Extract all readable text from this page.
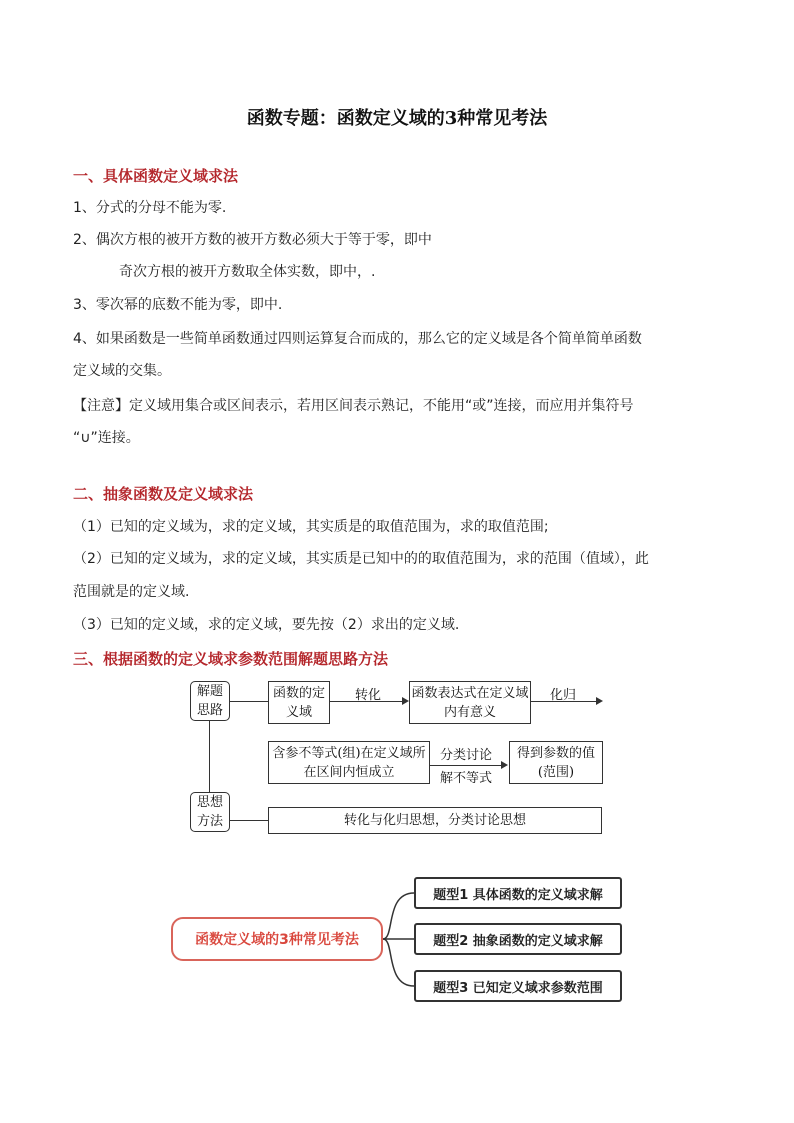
函数专题：函数定义域的3种常见考法
一、具体函数定义域求法
1、分式的分母不能为零.
2、偶次方根的被开方数的被开方数必须大于等于零，即中
奇次方根的被开方数取全体实数，即中，.
3、零次幂的底数不能为零，即中.
4、如果函数是一些简单函数通过四则运算复合而成的，那么它的定义域是各个简单简单函数
定义域的交集。
【注意】定义域用集合或区间表示，若用区间表示熟记，不能用“或”连接，而应用并集符号
“∪”连接。
二、抽象函数及定义域求法
（1）已知的定义域为，求的定义域，其实质是的取值范围为，求的取值范围;
（2）已知的定义域为，求的定义域，其实质是已知中的的取值范围为，求的范围（值域），此
范围就是的定义域.
（3）已知的定义域，求的定义域，要先按（2）求出的定义域.
三、根据函数的定义域求参数范围解题思路方法
解题思路
函数的定义域
转化 函数表达式在定义域内有意义
化归
含参不等式(组)在定义域所在区间内恒成立
分类讨论
解不等式
得到参数的值(范围)
思想方法	转化与化归思想，分类讨论思想
函数定义域的3种常见考法
题型1 具体函数的定义域求解
题型2 抽象函数的定义域求解
题型3 已知定义域求参数范围
